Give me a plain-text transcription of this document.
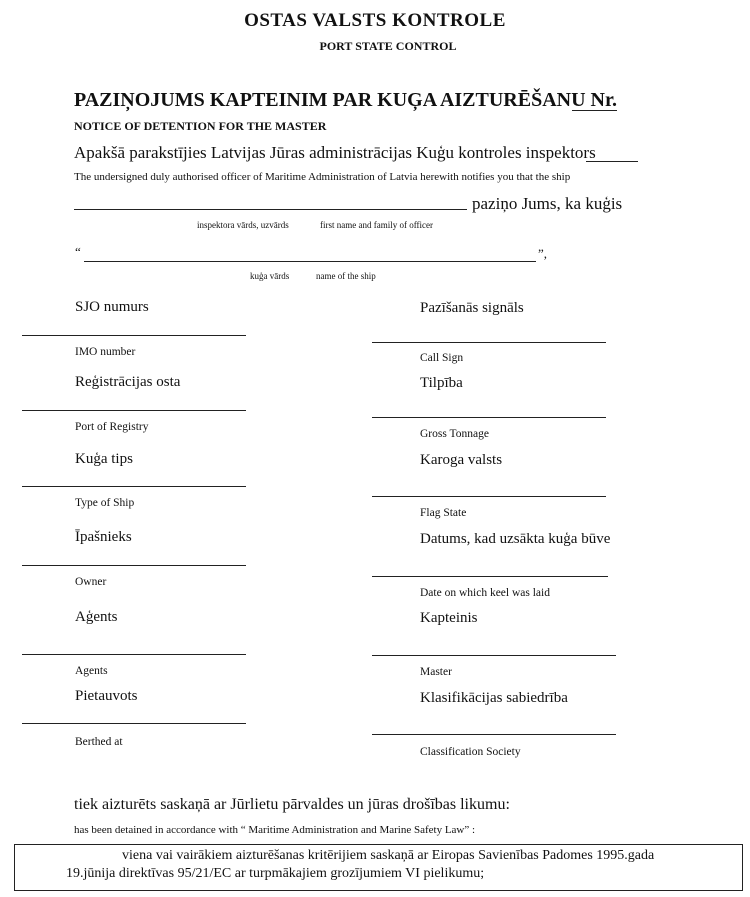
OSTAS VALSTS KONTROLE
PORT STATE CONTROL
PAZIŅOJUMS KAPTEINIM PAR KUĢA AIZTURĒŠANU Nr.
NOTICE OF DETENTION FOR THE MASTER
Apakšā parakstījies Latvijas Jūras administrācijas Kuģu kontroles inspektors
The undersigned duly authorised officer of Maritime Administration of Latvia herewith notifies you that the ship
paziņo Jums, ka kuģis
inspektora vārds, uzvārds	first name and family of officer
“	”,
kuģa vārds	name of the ship
SJO numurs
IMO number
Reģistrācijas osta
Port of Registry
Kuģa tips
Type of Ship
Īpašnieks
Owner
Aģents
Agents
Pietauvots
Berthed at
Pazīšanās signāls
Call Sign
Tilpība
Gross Tonnage
Karoga valsts
Flag State
Datums, kad uzsākta kuģa būve
Date on which keel was laid
Kapteinis
Master
Klasifikācijas sabiedrība
Classification Society
tiek aizturēts saskaņā ar Jūrlietu pārvaldes un jūras drošības likumu:
has been detained in accordance with “ Maritime Administration and Marine Safety Law” :
viena vai vairākiem aizturēšanas kritērijiem saskaņā ar Eiropas Savienības Padomes 1995.gada
19.jūnija direktīvas 95/21/EC ar turpmākajiem grozījumiem VI pielikumu;
